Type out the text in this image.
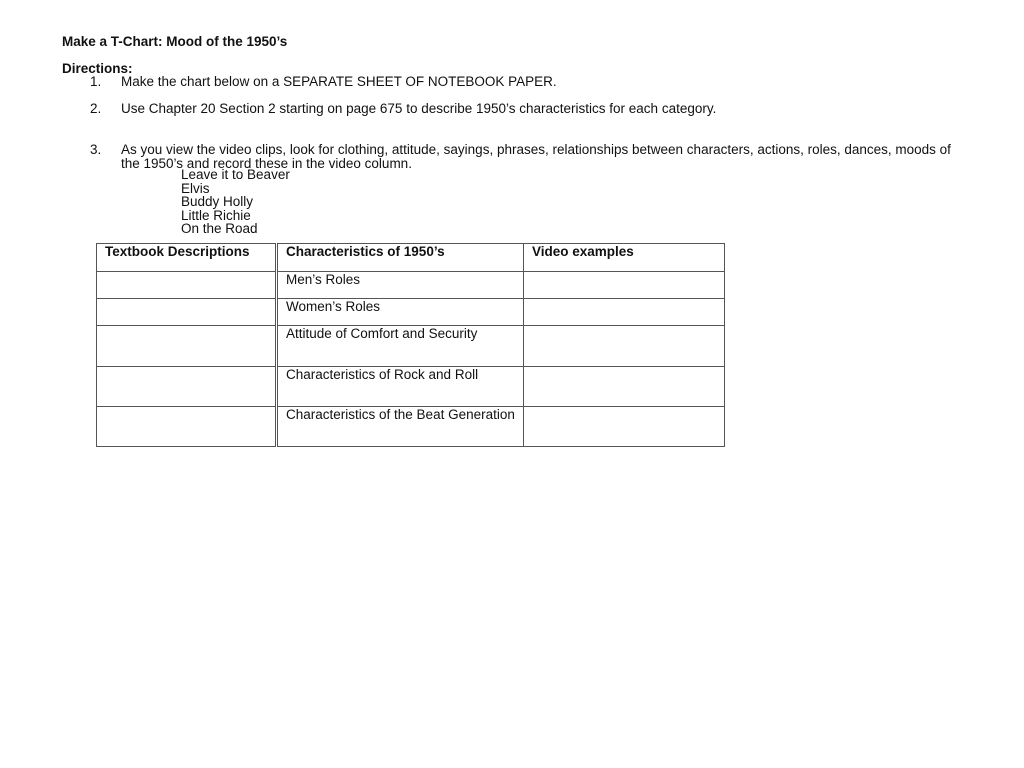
Make a T-Chart: Mood of the 1950’s
Directions:
1.	Make the chart below on a SEPARATE SHEET OF NOTEBOOK PAPER.
2.	Use Chapter 20 Section 2 starting on page 675 to describe 1950’s characteristics for each category.
3.	As you view the video clips, look for clothing, attitude, sayings, phrases, relationships between characters, actions, roles, dances, moods of the 1950’s and record these in the video column.
Leave it to Beaver
Elvis
Buddy Holly
Little Richie
On the Road
Textbook Descriptions	Characteristics of 1950’s	Video examples
	Men’s Roles	
	Women’s Roles	
	Attitude of Comfort and Security	
	Characteristics of Rock and Roll	
	Characteristics of the Beat Generation	
